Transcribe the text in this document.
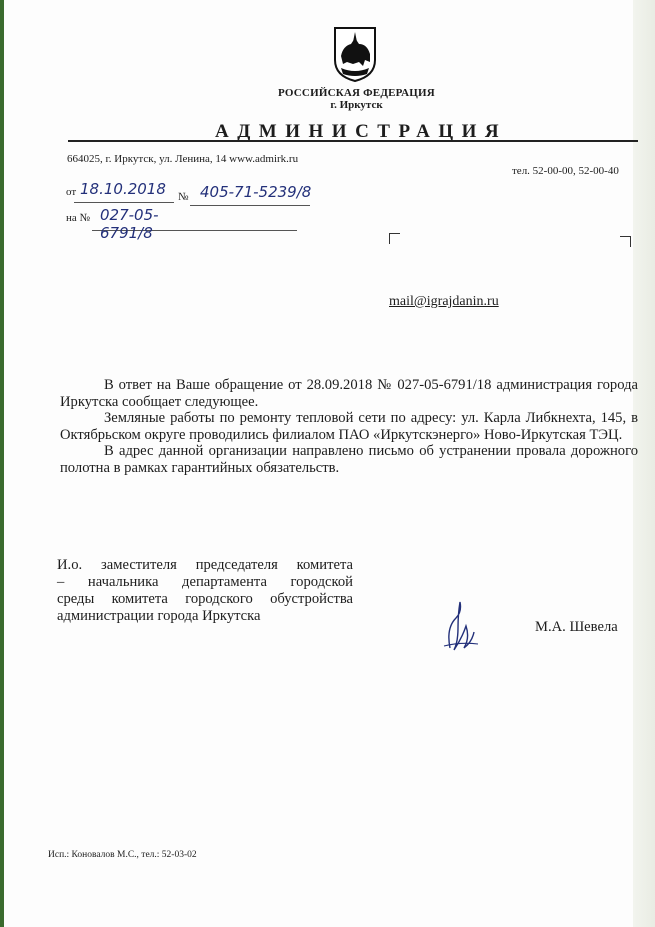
РОССИЙСКАЯ ФЕДЕРАЦИЯ
г. Иркутск
АДМИНИСТРАЦИЯ
664025, г. Иркутск, ул. Ленина, 14 www.admirk.ru
тел. 52-00-00, 52-00-40
от 18.10.2018	№ 405-71-5239/8
на № 027-05-6791/8
mail@igrajdanin.ru

В ответ на Ваше обращение от 28.09.2018 № 027-05-6791/18 администрация города Иркутска сообщает следующее.

Земляные работы по ремонту тепловой сети по адресу: ул. Карла Либкнехта, 145, в Октябрьском округе проводились филиалом ПАО «Иркутскэнерго» Ново-Иркутская ТЭЦ.

В адрес данной организации направлено письмо об устранении провала дорожного полотна в рамках гарантийных обязательств.

И.о. заместителя председателя комитета
– начальника департамента городской
среды комитета городского обустройства
администрации города Иркутска
М.А. Шевела
Исп.: Коновалов М.С., тел.: 52-03-02
